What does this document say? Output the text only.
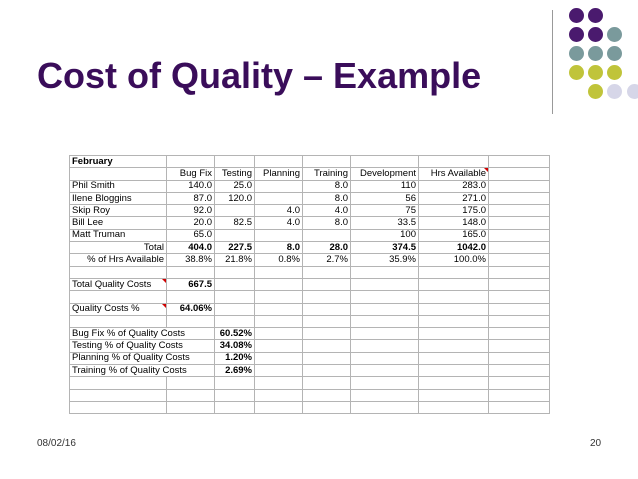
Cost of Quality – Example
February							
	Bug Fix	Testing	Planning	Training	Development	Hrs Available	
Phil Smith	140.0	25.0		8.0	110	283.0	
Ilene Bloggins	87.0	120.0		8.0	56	271.0	
Skip Roy	92.0		4.0	4.0	75	175.0	
Bill Lee	20.0	82.5	4.0	8.0	33.5	148.0	
Matt Truman	65.0				100	165.0	
Total	404.0	227.5	8.0	28.0	374.5	1042.0	
% of Hrs Available	38.8%	21.8%	0.8%	2.7%	35.9%	100.0%	

Total Quality Costs	667.5						

Quality Costs %	64.06%						

Bug Fix % of Quality Costs		60.52%					
Testing % of Quality Costs		34.08%					
Planning % of Quality Costs		1.20%					
Training % of Quality Costs		2.69%					

08/02/16	20
